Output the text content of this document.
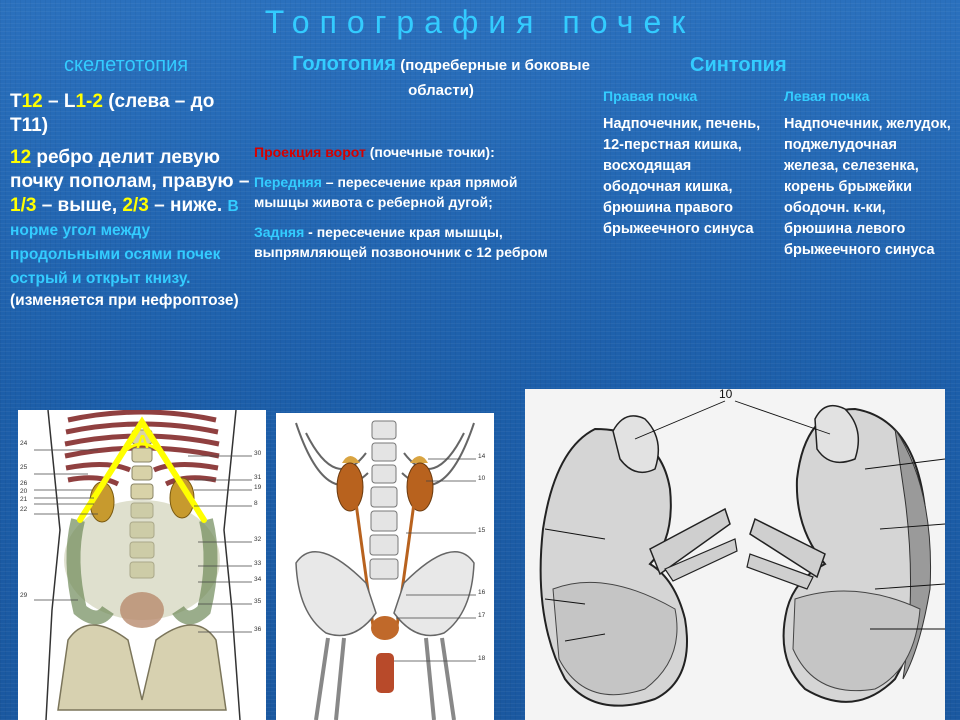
Топография почек
скелетотопия	Голотопия (подреберные и боковые области)
Синтопия

Т12 – L1-2 (слева – до Т11)

12 ребро делит левую почку пополам, правую – 1/3 – выше, 2/3 – ниже. В норме угол между продольными осями почек острый и открыт книзу.

(изменяется при нефроптозе)

Проекция ворот (почечные точки):

Передняя – пересечение края прямой мышцы живота с реберной дугой;

Задняя - пересечение края мышцы, выпрямляющей позвоночник с 12 ребром

Правая почка

Надпочечник, печень, 12-перстная кишка, восходящая ободочная кишка, брюшина правого брыжеечного синуса

Левая почка

Надпочечник, желудок, поджелудочная железа, селезенка, корень брыжейки ободочн. к-ки, брюшина левого брыжеечного синуса

A
30
31
19
8
32
33
34
35
36
14
10
15
16
17
18
10
